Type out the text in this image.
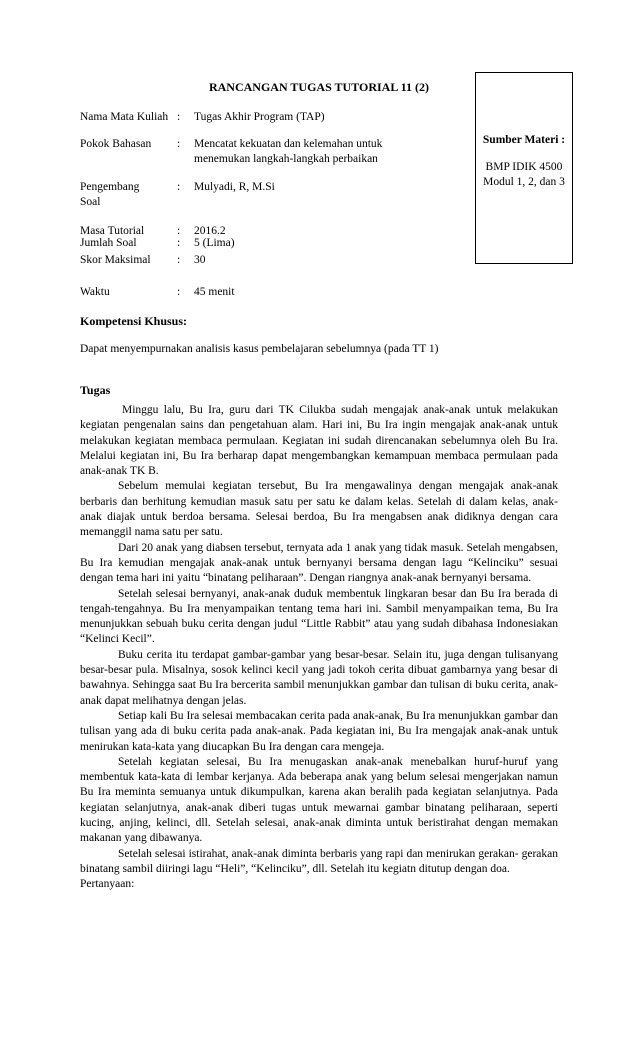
RANCANGAN TUGAS TUTORIAL 11 (2)
Nama Mata Kuliah : Tugas Akhir Program (TAP)
Pokok Bahasan	: Mencatat kekuatan dan kelemahan untuk menemukan langkah-langkah perbaikan
Pengembang Soal
: Mulyadi, R, M.Si
Masa Tutorial	: 2016.2
Jumlah Soal	: 5 (Lima)
Skor Maksimal	: 30
Waktu	: 45 menit
Sumber Materi :
BMP IDIK 4500 Modul 1, 2, dan 3
Kompetensi Khusus:
Dapat menyempurnakan analisis kasus pembelajaran sebelumnya (pada TT 1)
Tugas

Minggu lalu, Bu Ira, guru dari TK Cilukba sudah mengajak anak-anak untuk melakukan kegiatan pengenalan sains dan pengetahuan alam. Hari ini, Bu Ira ingin mengajak anak-anak untuk melakukan kegiatan membaca permulaan. Kegiatan ini sudah direncanakan sebelumnya oleh Bu Ira. Melalui kegiatan ini, Bu Ira berharap dapat mengembangkan kemampuan membaca permulaan pada anak-anak TK B.

Sebelum memulai kegiatan tersebut, Bu Ira mengawalinya dengan mengajak anak-anak berbaris dan berhitung kemudian masuk satu per satu ke dalam kelas. Setelah di dalam kelas, anak-anak diajak untuk berdoa bersama. Selesai berdoa, Bu Ira mengabsen anak didiknya dengan cara memanggil nama satu per satu.

Dari 20 anak yang diabsen tersebut, ternyata ada 1 anak yang tidak masuk. Setelah mengabsen, Bu Ira kemudian mengajak anak-anak untuk bernyanyi bersama dengan lagu “Kelinciku” sesuai dengan tema hari ini yaitu “binatang peliharaan”. Dengan riangnya anak-anak bernyanyi bersama.

Setelah selesai bernyanyi, anak-anak duduk membentuk lingkaran besar dan Bu Ira berada di tengah-tengahnya. Bu Ira menyampaikan tentang tema hari ini. Sambil menyampaikan tema, Bu Ira menunjukkan sebuah buku cerita dengan judul “Little Rabbit” atau yang sudah dibahasa Indonesiakan “Kelinci Kecil”.

Buku cerita itu terdapat gambar-gambar yang besar-besar. Selain itu, juga dengan tulisanyang besar-besar pula. Misalnya, sosok kelinci kecil yang jadi tokoh cerita dibuat gambarnya yang besar di bawahnya. Sehingga saat Bu Ira bercerita sambil menunjukkan gambar dan tulisan di buku cerita, anak-anak dapat melihatnya dengan jelas.

Setiap kali Bu Ira selesai membacakan cerita pada anak-anak, Bu Ira menunjukkan gambar dan tulisan yang ada di buku cerita pada anak-anak. Pada kegiatan ini, Bu Ira mengajak anak-anak untuk menirukan kata-kata yang diucapkan Bu Ira dengan cara mengeja.

Setelah kegiatan selesai, Bu Ira menugaskan anak-anak menebalkan huruf-huruf yang membentuk kata-kata di lembar kerjanya. Ada beberapa anak yang belum selesai mengerjakan namun Bu Ira meminta semuanya untuk dikumpulkan, karena akan beralih pada kegiatan selanjutnya. Pada kegiatan selanjutnya, anak-anak diberi tugas untuk mewarnai gambar binatang peliharaan, seperti kucing, anjing, kelinci, dll. Setelah selesai, anak-anak diminta untuk beristirahat dengan memakan makanan yang dibawanya.

Setelah selesai istirahat, anak-anak diminta berbaris yang rapi dan menirukan gerakan- gerakan binatang sambil diiringi lagu “Heli”, “Kelinciku”, dll. Setelah itu kegiatn ditutup dengan doa.

Pertanyaan:
